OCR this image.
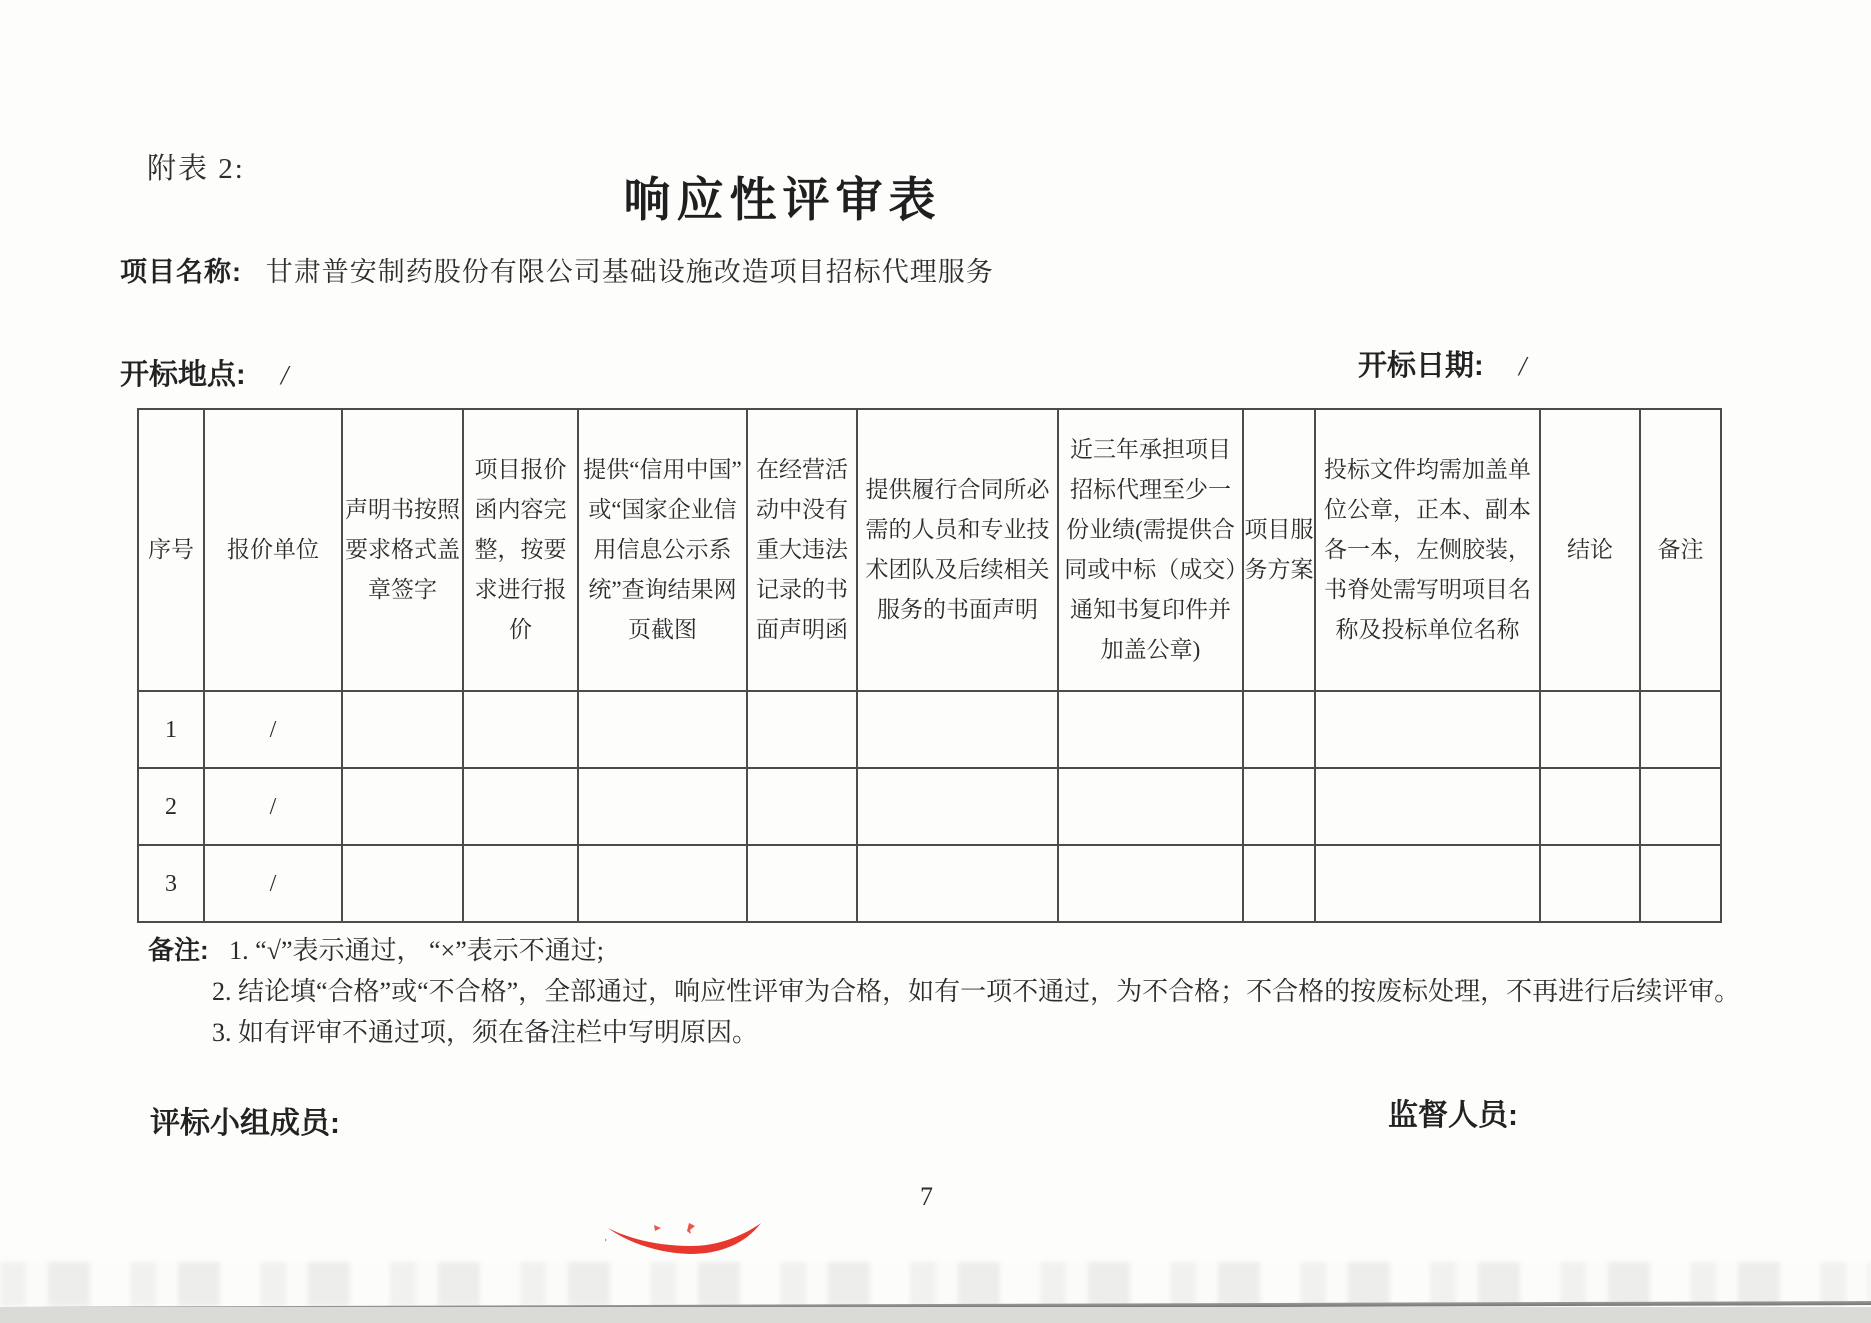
附表 2:
响应性评审表
项目名称: 甘肃普安制药股份有限公司基础设施改造项目招标代理服务
开标地点: /	开标日期: /
序号	报价单位	声明书按照要求格式盖章签字	项目报价函内容完整，按要求进行报价	提供“信用中国”或“国家企业信用信息公示系统”查询结果网页截图	在经营活动中没有重大违法记录的书面声明函	提供履行合同所必需的人员和专业技术团队及后续相关服务的书面声明	近三年承担项目招标代理至少一份业绩(需提供合同或中标（成交）通知书复印件并加盖公章)	项目服务方案	投标文件均需加盖单位公章，正本、副本各一本，左侧胶装，书脊处需写明项目名称及投标单位名称	结论	备注
1	/										
2	/										
3	/										
备注: 1. “√”表示通过， “×”表示不通过;
2. 结论填“合格”或“不合格”，全部通过，响应性评审为合格，如有一项不通过，为不合格；不合格的按废标处理，不再进行后续评审。
3. 如有评审不通过项，须在备注栏中写明原因。
评标小组成员:	监督人员:
7
